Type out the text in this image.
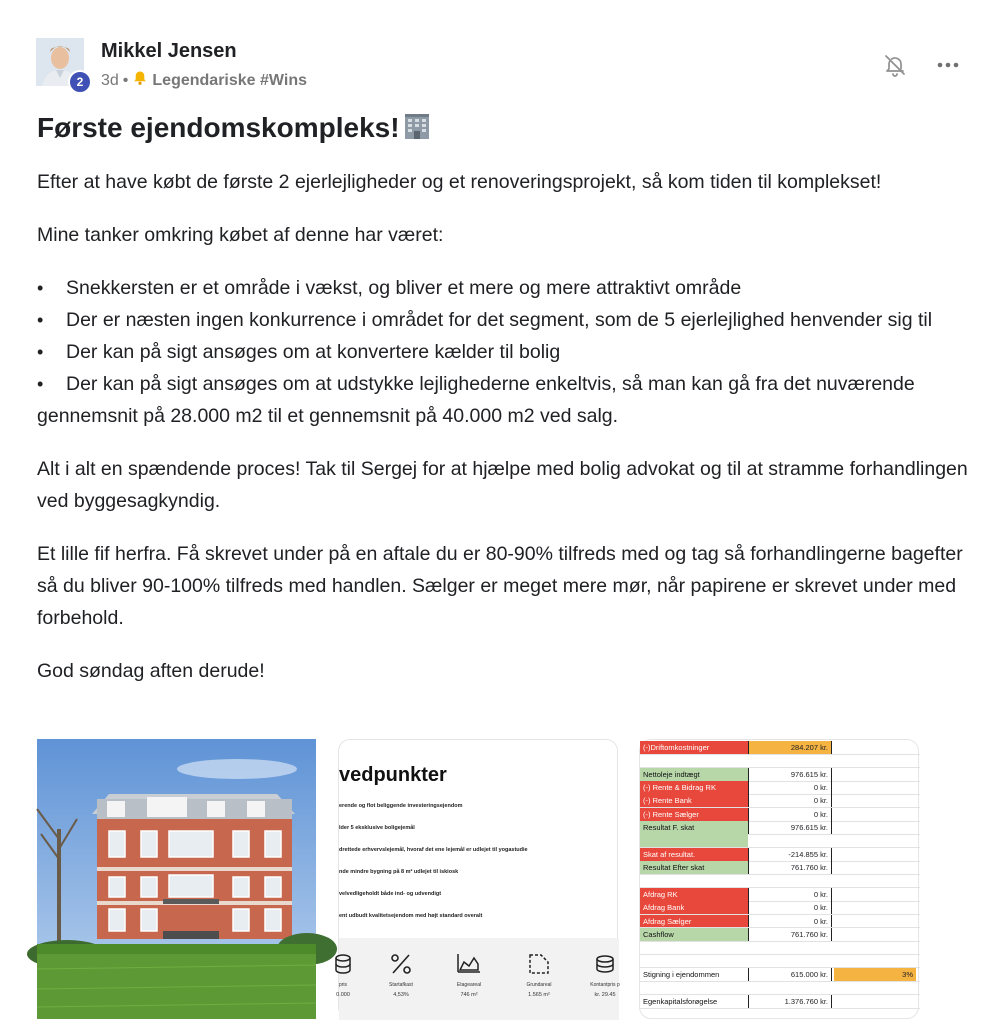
2
Mikkel Jensen
3d • Legendariske #Wins
Første ejendomskompleks!

Efter at have købt de første 2 ejerlejligheder og et renoveringsprojekt, så kom tiden til komplekset!

Mine tanker omkring købet af denne har været:

• Snekkersten er et område i vækst, og bliver et mere og mere attraktivt område
• Der er næsten ingen konkurrence i området for det segment, som de 5 ejerlejlighed henvender sig til
• Der kan på sigt ansøges om at konvertere kælder til bolig
• Der kan på sigt ansøges om at udstykke lejlighederne enkeltvis, så man kan gå fra det nuværende gennemsnit på 28.000 m2 til et gennemsnit på 40.000 m2 ved salg.

Alt i alt en spændende proces! Tak til Sergej for at hjælpe med bolig advokat og til at stramme forhandlingen ved byggesagkyndig.

Et lille fif herfra. Få skrevet under på en aftale du er 80-90% tilfreds med og tag så forhandlingerne bagefter så du bliver 90-100% tilfreds med handlen. Sælger er meget mere mør, når papirene er skrevet under med forbehold.

God søndag aften derude!

vedpunkter
erende og flot beliggende investeringsejendom
lder 5 eksklusive boligejemål
drettede erhvervslejemål, hvoraf det ene lejemål er udlejet til yogastudie
nde mindre bygning på 8 m² udlejet til iskiosk
velvedligeholdt både ind- og udvendigt
ent udbudt kvalitetsejendom med højt standard overalt
pris
0.000
Startafkast
4,53%
Etageareal
746 m²
Grundareal
1.565 m²
Kontantpris p
kr. 29.45
(-)Driftomkostninger	284.207 kr.
Nettoleje indtægt	976.615 kr.
(-) Rente & Bidrag RK	0 kr.
(-) Rente Bank	0 kr.
(-) Rente Sælger	0 kr.
Resultat F. skat	976.615 kr.
Skat af resultat.	-214.855 kr.
Resultat Efter skat	761.760 kr.
Afdrag RK	0 kr.
Afdrag Bank	0 kr.
Afdrag Sælger	0 kr.
Cashflow	761.760 kr.
Stigning i ejendommen	615.000 kr.	3%
Egenkapitalsforøgelse	1.376.760 kr.
